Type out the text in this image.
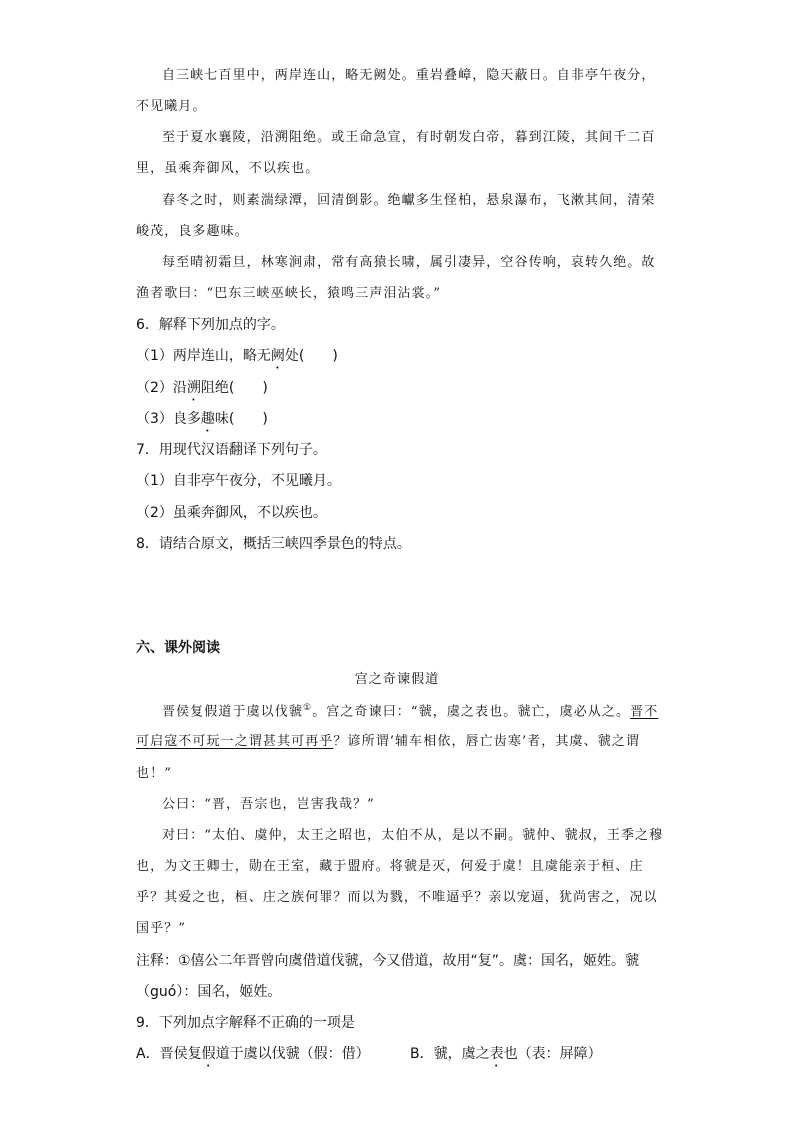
自三峡七百里中，两岸连山，略无阙处。重岩叠嶂，隐天蔽日。自非亭午夜分，
不见曦月。
至于夏水襄陵，沿溯阻绝。或王命急宣，有时朝发白帝，暮到江陵，其间千二百
里，虽乘奔御风，不以疾也。
春冬之时，则素湍绿潭，回清倒影。绝巘多生怪柏，悬泉瀑布，飞漱其间，清荣
峻茂，良多趣味。
每至晴初霜旦，林寒涧肃，常有高猿长啸，属引凄异，空谷传响，哀转久绝。故
渔者歌曰：“巴东三峡巫峡长，猿鸣三声泪沾裳。”
6．解释下列加点的字。
（1）两岸连山，略无阙处(　　)
（2）沿溯阻绝(　　)
（3）良多趣味(　　)
7．用现代汉语翻译下列句子。
（1）自非亭午夜分，不见曦月。
（2）虽乘奔御风，不以疾也。
8．请结合原文，概括三峡四季景色的特点。
六、课外阅读
宫之奇谏假道
晋侯复假道于虞以伐虢①。宫之奇谏曰：“虢，虞之表也。虢亡，虞必从之。晋不
可启寇不可玩一之谓甚其可再乎？谚所谓‘辅车相依，唇亡齿寒’者，其虞、虢之谓
也！”
公曰：“晋，吾宗也，岂害我哉？”
对曰：“太伯、虞仲，太王之昭也，太伯不从，是以不嗣。虢仲、虢叔，王季之穆
也，为文王卿士，勋在王室，藏于盟府。将虢是灭，何爱于虞！且虞能亲于桓、庄
乎？其爱之也，桓、庄之族何罪？而以为戮，不唯逼乎？亲以宠逼，犹尚害之，况以
国乎？”
注释：①僖公二年晋曾向虞借道伐虢，今又借道，故用“复”。虞：国名，姬姓。虢
（guó）：国名，姬姓。
9．下列加点字解释不正确的一项是
A．晋侯复假道于虞以伐虢（假：借）	B．虢，虞之表也（表：屏障）
